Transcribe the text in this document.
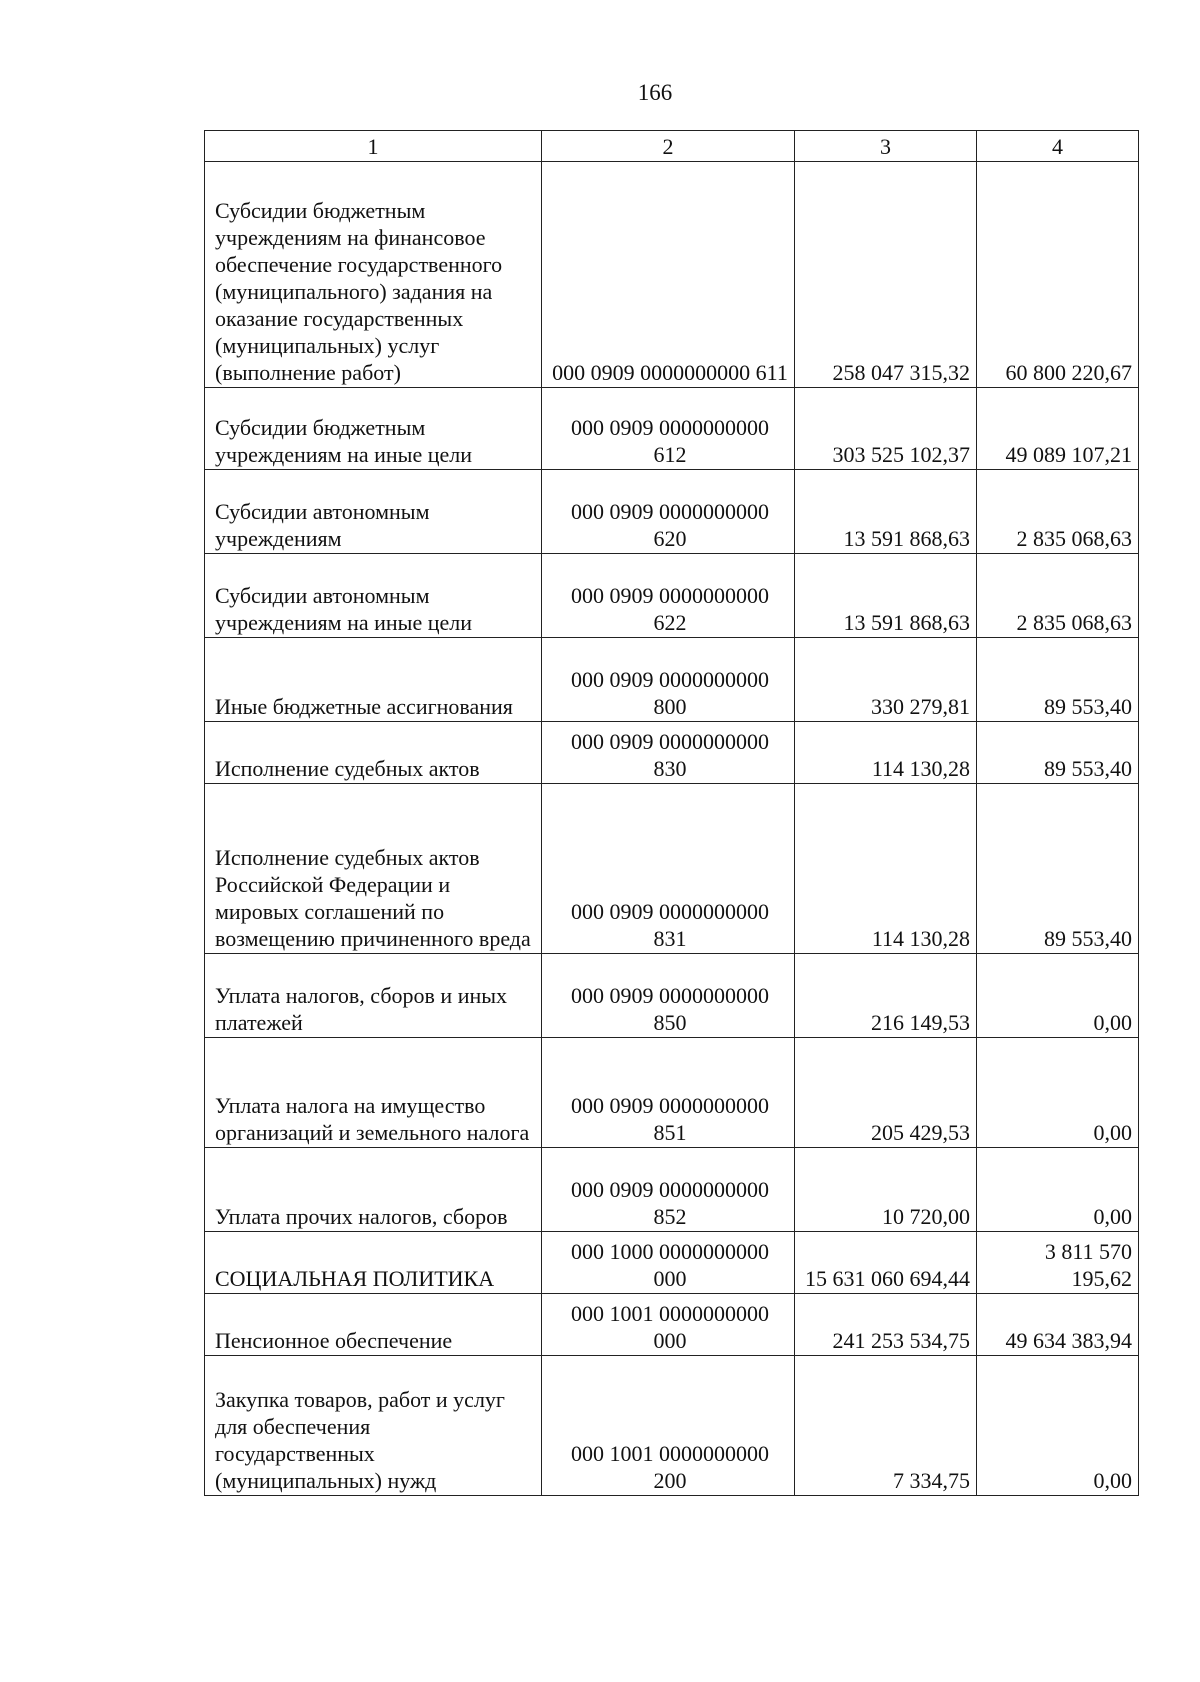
166
1	2	3	4
Субсидии бюджетным учреждениям на финансовое обеспечение государственного (муниципального) задания на оказание государственных (муниципальных) услуг (выполнение работ)	000 0909 0000000000 611	258 047 315,32	60 800 220,67
Субсидии бюджетным учреждениям на иные цели	000 0909 0000000000 612	303 525 102,37	49 089 107,21
Субсидии автономным учреждениям	000 0909 0000000000 620	13 591 868,63	2 835 068,63
Субсидии автономным учреждениям на иные цели	000 0909 0000000000 622	13 591 868,63	2 835 068,63
Иные бюджетные ассигнования	000 0909 0000000000 800	330 279,81	89 553,40
Исполнение судебных актов	000 0909 0000000000 830	114 130,28	89 553,40
Исполнение судебных актов Российской Федерации и мировых соглашений по возмещению причиненного вреда	000 0909 0000000000 831	114 130,28	89 553,40
Уплата налогов, сборов и иных платежей	000 0909 0000000000 850	216 149,53	0,00
Уплата налога на имущество организаций и земельного налога	000 0909 0000000000 851	205 429,53	0,00
Уплата прочих налогов, сборов	000 0909 0000000000 852	10 720,00	0,00
СОЦИАЛЬНАЯ ПОЛИТИКА	000 1000 0000000000 000	15 631 060 694,44	3 811 570 195,62
Пенсионное обеспечение	000 1001 0000000000 000	241 253 534,75	49 634 383,94
Закупка товаров, работ и услуг для обеспечения государственных (муниципальных) нужд	000 1001 0000000000 200	7 334,75	0,00
